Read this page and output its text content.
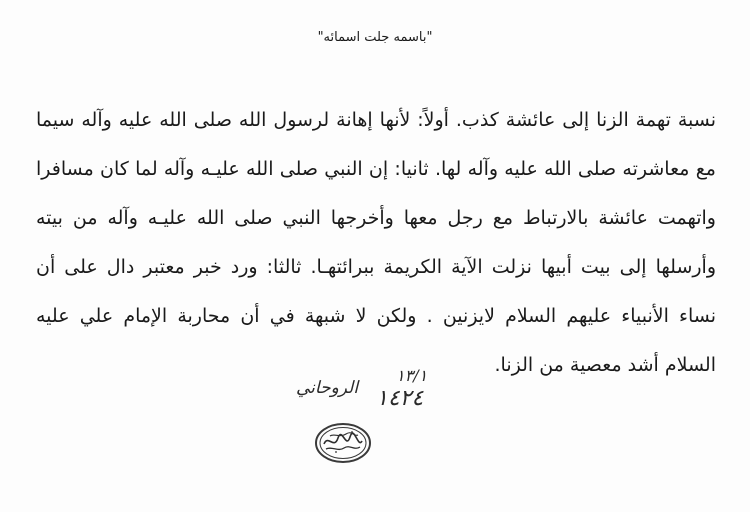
"باسمه جلت اسمائه"
نسبة تهمة الزنا إلى عائشة كذب. أولاً: لأنها إهانة لرسول الله صلى الله عليه وآله سيما
مع معاشرته صلى الله عليه وآله لها. ثانيا: إن النبي صلى الله عليـه وآله لما كان مسافرا
واتهمت عائشة بالارتباط مع رجل معها وأخرجها النبي صلى الله عليـه وآله من بيته
وأرسلها إلى بيت أبيها نزلت الآية الكريمة ببرائتهـا. ثالثا: ورد خبر معتبر دال على أن
نساء الأنبياء عليهم السلام لايزنين . ولكن لا شبهة في أن محاربة الإمام علي عليه
السلام أشد معصية من الزنا.
١٣/١
١٤٢٤
الروحاني
